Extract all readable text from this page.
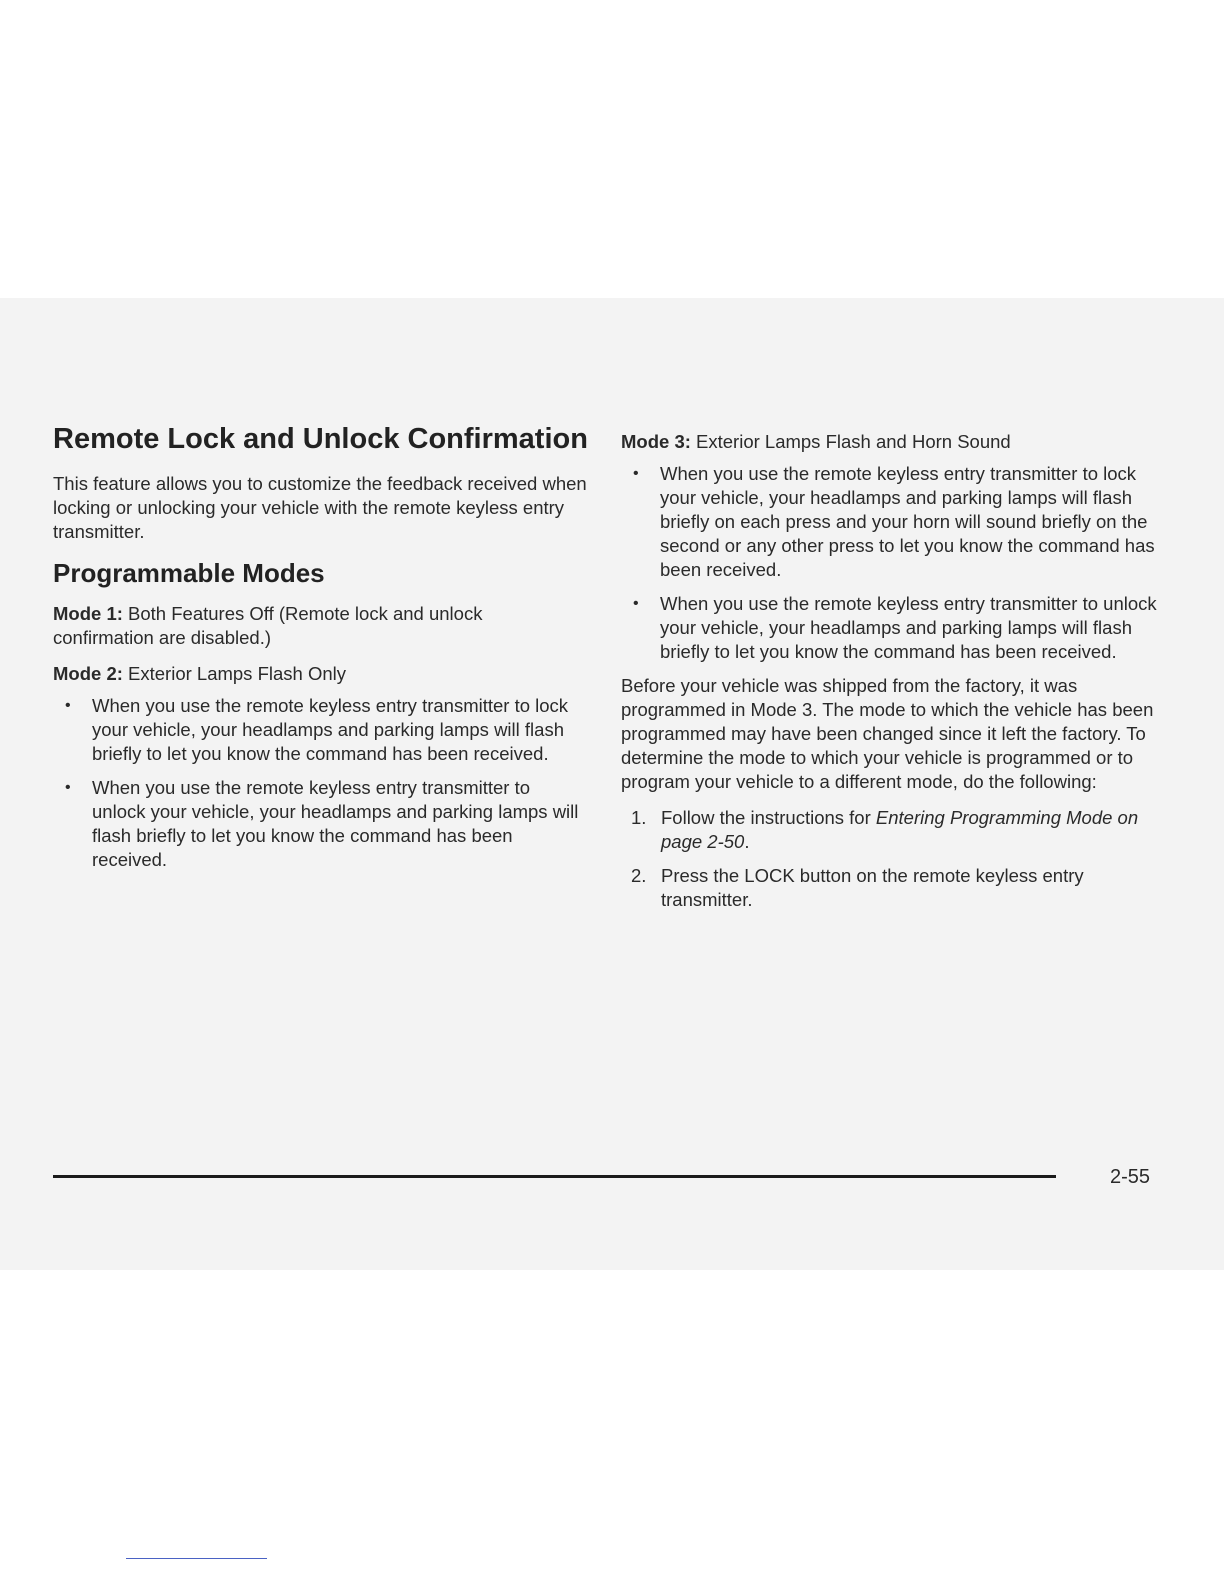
Remote Lock and Unlock Confirmation

This feature allows you to customize the feedback received when locking or unlocking your vehicle with the remote keyless entry transmitter.

Programmable Modes

Mode 1: Both Features Off (Remote lock and unlock confirmation are disabled.)

Mode 2: Exterior Lamps Flash Only

• When you use the remote keyless entry transmitter to lock your vehicle, your headlamps and parking lamps will flash briefly to let you know the command has been received.
• When you use the remote keyless entry transmitter to unlock your vehicle, your headlamps and parking lamps will flash briefly to let you know the command has been received.

Mode 3: Exterior Lamps Flash and Horn Sound

• When you use the remote keyless entry transmitter to lock your vehicle, your headlamps and parking lamps will flash briefly on each press and your horn will sound briefly on the second or any other press to let you know the command has been received.
• When you use the remote keyless entry transmitter to unlock your vehicle, your headlamps and parking lamps will flash briefly to let you know the command has been received.

Before your vehicle was shipped from the factory, it was programmed in Mode 3. The mode to which the vehicle has been programmed may have been changed since it left the factory. To determine the mode to which your vehicle is programmed or to program your vehicle to a different mode, do the following:

1. Follow the instructions for Entering Programming Mode on page 2-50.
2. Press the LOCK button on the remote keyless entry transmitter.
2-55
